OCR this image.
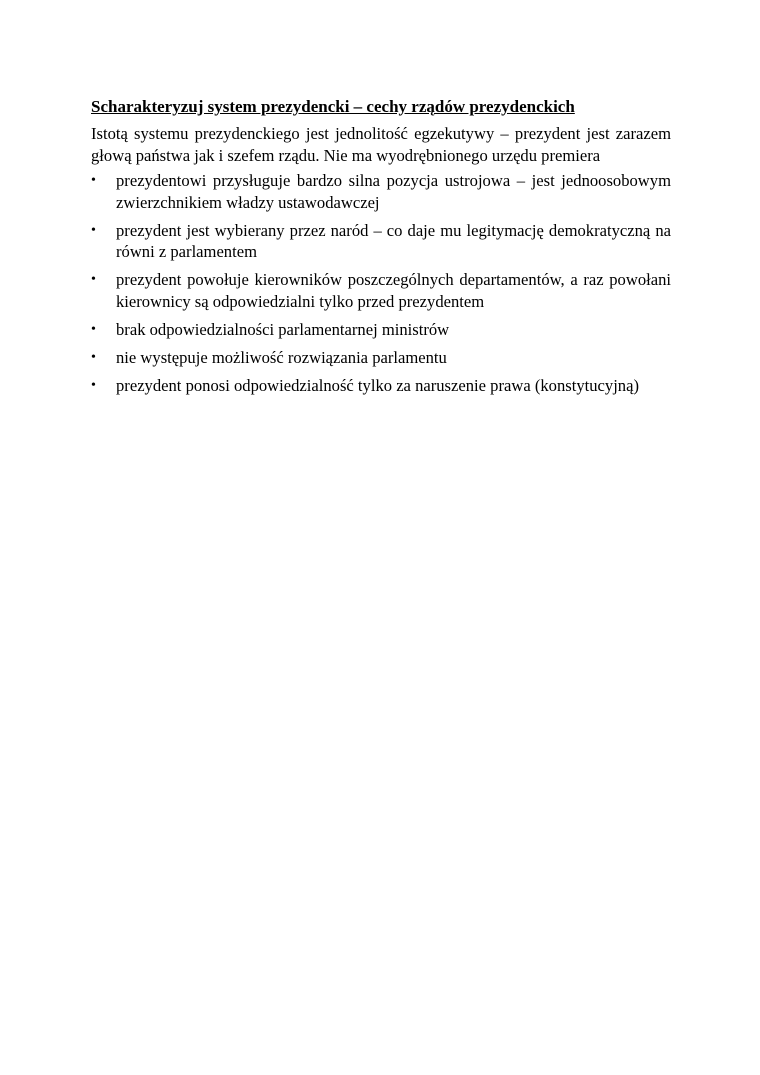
Scharakteryzuj system prezydencki – cechy rządów prezydenckich

Istotą systemu prezydenckiego jest jednolitość egzekutywy – prezydent jest zarazem głową państwa jak i szefem rządu. Nie ma wyodrębnionego urzędu premiera

•	prezydentowi przysługuje bardzo silna pozycja ustrojowa – jest jednoosobowym zwierzchnikiem władzy ustawodawczej
•	prezydent jest wybierany przez naród – co daje mu legitymację demokratyczną na równi z parlamentem
•	prezydent powołuje kierowników poszczególnych departamentów, a raz powołani kierownicy są odpowiedzialni tylko przed prezydentem
•	brak odpowiedzialności parlamentarnej ministrów
•	nie występuje możliwość rozwiązania parlamentu
•	prezydent ponosi odpowiedzialność tylko za naruszenie prawa (konstytucyjną)
